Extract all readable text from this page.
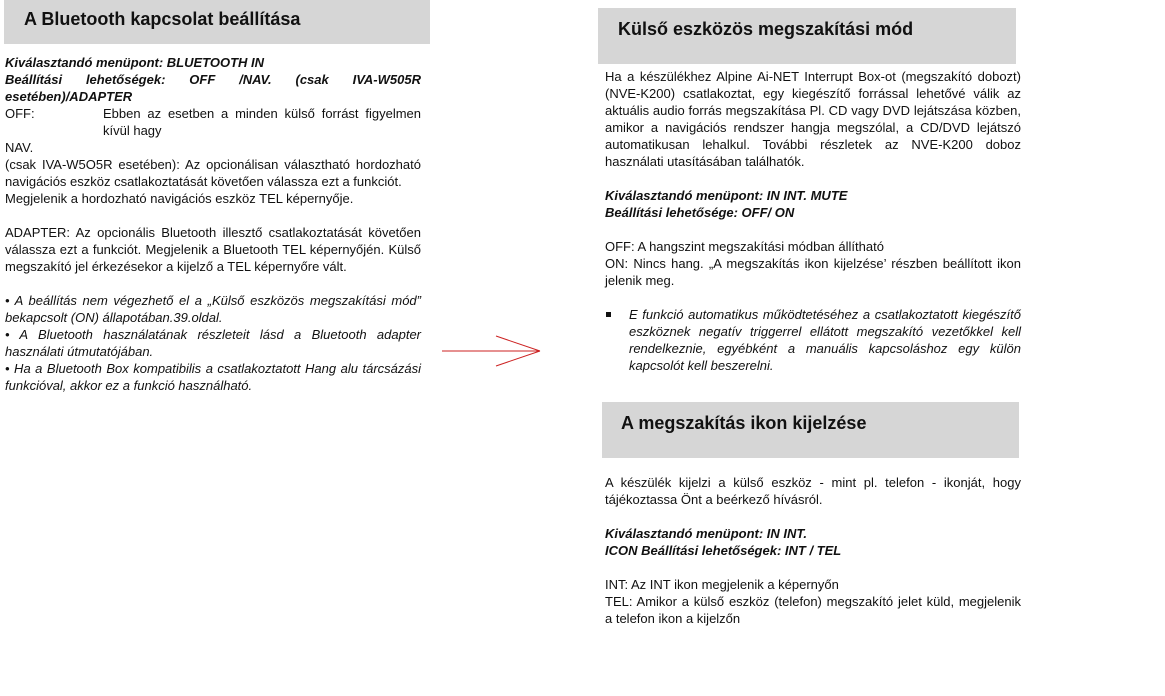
A Bluetooth kapcsolat beállítása

Kiválasztandó menüpont: BLUETOOTH IN

Beállítási lehetőségek: OFF /NAV. (csak IVA-W505R esetében)/ADAPTER

OFF:	Ebben az esetben a minden külső forrást figyelmen kívül hagy

NAV.

(csak IVA-W5O5R esetében): Az opcionálisan választható hordozható navigációs eszköz csatlakoztatását követően válassza ezt a funkciót.

Megjelenik a hordozható navigációs eszköz TEL képernyője.

ADAPTER: Az opcionális Bluetooth illesztő csatlakoztatását követően válassza ezt a funkciót. Megjelenik a Bluetooth TEL képernyőjén. Külső megszakító jel érkezésekor a kijelző a TEL képernyőre vált.

• A beállítás nem végezhető el a „Külső eszközös megszakítási mód” bekapcsolt (ON) állapotában.39.oldal.

• A Bluetooth használatának részleteit lásd a Bluetooth adapter használati útmutatójában.

• Ha a Bluetooth Box kompatibilis a csatlakoztatott Hang alu tárcsázási funkcióval, akkor ez a funkció használható.

Külső eszközös megszakítási mód

Ha a készülékhez Alpine Ai-NET Interrupt Box-ot (megszakító dobozt) (NVE-K200) csatlakoztat, egy kiegészítő forrással lehetővé válik az aktuális audio forrás megszakítása Pl. CD vagy DVD lejátszása közben, amikor a navigációs rendszer hangja megszólal, a CD/DVD lejátszó automatikusan lehalkul. További részletek az NVE-K200 doboz használati utasításában találhatók.

Kiválasztandó menüpont: IN INT. MUTE

Beállítási lehetősége: OFF/ ON

OFF: A hangszint megszakítási módban állítható

ON: Nincs hang. „A megszakítás ikon kijelzése’ részben beállított ikon jelenik meg.

E funkció automatikus működtetéséhez a csatlakoztatott kiegészítő eszköznek negatív triggerrel ellátott megszakító vezetőkkel kell rendelkeznie, egyébként a manuális kapcsoláshoz egy külön kapcsolót kell beszerelni.
A megszakítás ikon kijelzése

A készülék kijelzi a külső eszköz - mint pl. telefon - ikonját, hogy tájékoztassa Önt a beérkező hívásról.

Kiválasztandó menüpont: IN INT.

ICON Beállítási lehetőségek: INT / TEL

INT: Az INT ikon megjelenik a képernyőn

TEL: Amikor a külső eszköz (telefon) megszakító jelet küld, megjelenik a telefon ikon a kijelzőn
